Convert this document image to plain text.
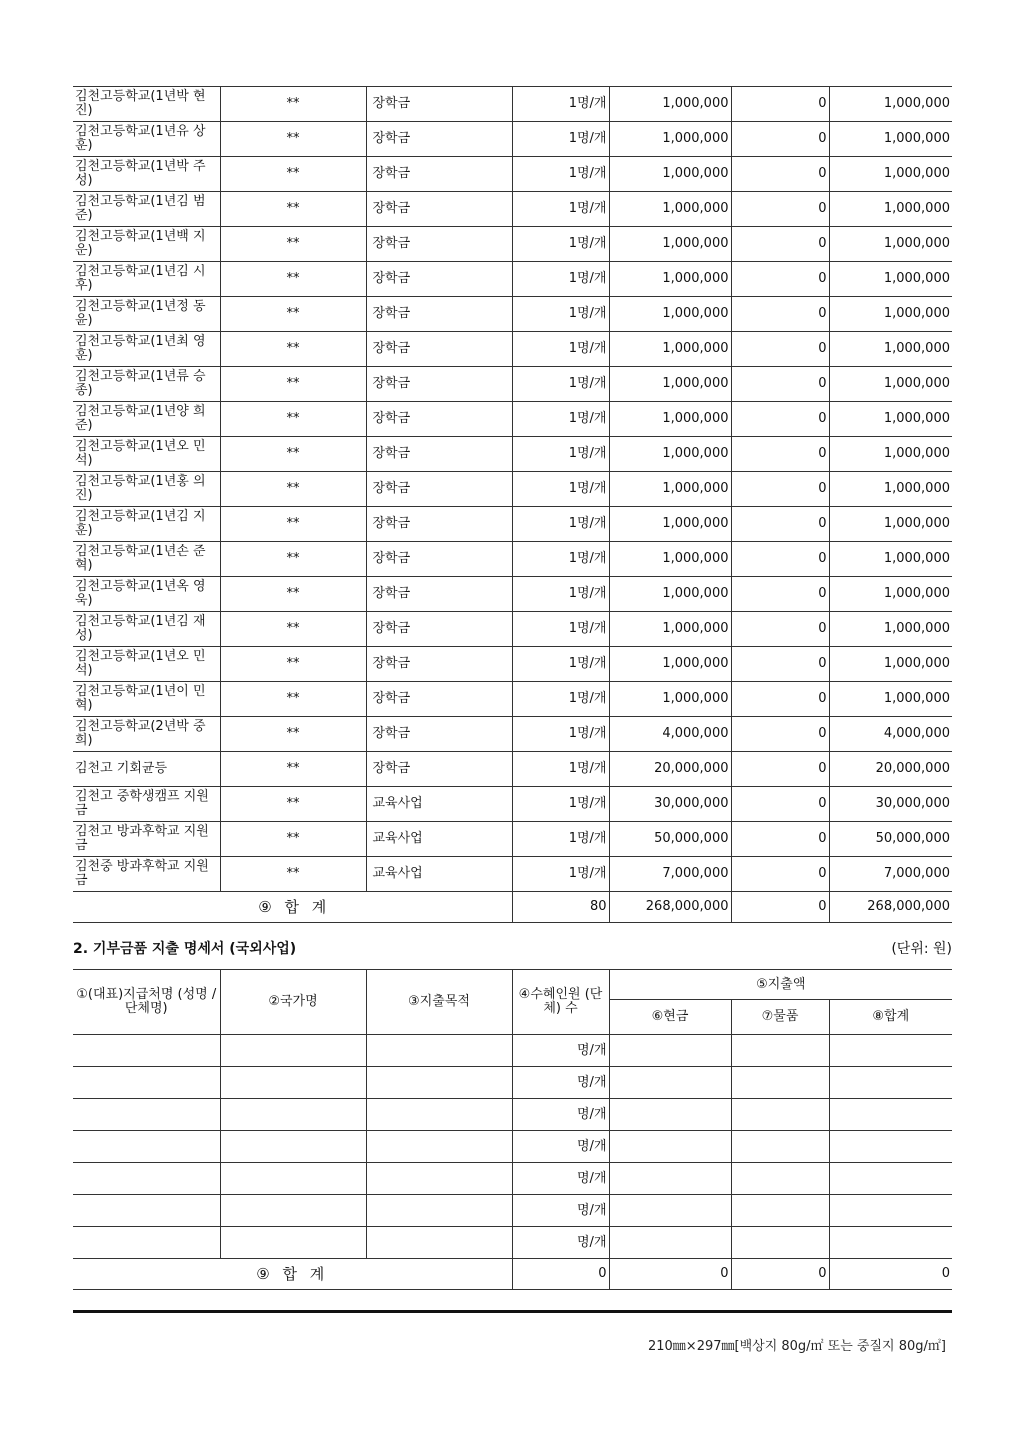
김천고등학교(1년박 현진)	**	장학금	1명/개	1,000,000	0	1,000,000
김천고등학교(1년유 상훈)	**	장학금	1명/개	1,000,000	0	1,000,000
김천고등학교(1년박 주성)	**	장학금	1명/개	1,000,000	0	1,000,000
김천고등학교(1년김 범준)	**	장학금	1명/개	1,000,000	0	1,000,000
김천고등학교(1년백 지운)	**	장학금	1명/개	1,000,000	0	1,000,000
김천고등학교(1년김 시후)	**	장학금	1명/개	1,000,000	0	1,000,000
김천고등학교(1년정 동윤)	**	장학금	1명/개	1,000,000	0	1,000,000
김천고등학교(1년최 영훈)	**	장학금	1명/개	1,000,000	0	1,000,000
김천고등학교(1년류 승종)	**	장학금	1명/개	1,000,000	0	1,000,000
김천고등학교(1년양 희준)	**	장학금	1명/개	1,000,000	0	1,000,000
김천고등학교(1년오 민석)	**	장학금	1명/개	1,000,000	0	1,000,000
김천고등학교(1년홍 의진)	**	장학금	1명/개	1,000,000	0	1,000,000
김천고등학교(1년김 지훈)	**	장학금	1명/개	1,000,000	0	1,000,000
김천고등학교(1년손 준혁)	**	장학금	1명/개	1,000,000	0	1,000,000
김천고등학교(1년옥 영욱)	**	장학금	1명/개	1,000,000	0	1,000,000
김천고등학교(1년김 재성)	**	장학금	1명/개	1,000,000	0	1,000,000
김천고등학교(1년오 민석)	**	장학금	1명/개	1,000,000	0	1,000,000
김천고등학교(1년이 민혁)	**	장학금	1명/개	1,000,000	0	1,000,000
김천고등학교(2년박 중희)	**	장학금	1명/개	4,000,000	0	4,000,000
김천고 기회균등	**	장학금	1명/개	20,000,000	0	20,000,000
김천고 중학생캠프 지원금	**	교육사업	1명/개	30,000,000	0	30,000,000
김천고 방과후학교 지원금	**	교육사업	1명/개	50,000,000	0	50,000,000
김천중 방과후학교 지원금	**	교육사업	1명/개	7,000,000	0	7,000,000
⑨ 합 계			80	268,000,000	0	268,000,000
2. 기부금품 지출 명세서 (국외사업)	(단위: 원)
①(대표)지급처명 (성명 / 단체명)	②국가명	③지출목적	④수혜인원 (단체) 수	⑤지출액		
				⑥현금	⑦물품	⑧합계
			명/개			
			명/개			
			명/개			
			명/개			
			명/개			
			명/개			
			명/개			
⑨ 합 계			0	0	0	0
210㎜×297㎜[백상지 80g/㎡ 또는 중질지 80g/㎡]
